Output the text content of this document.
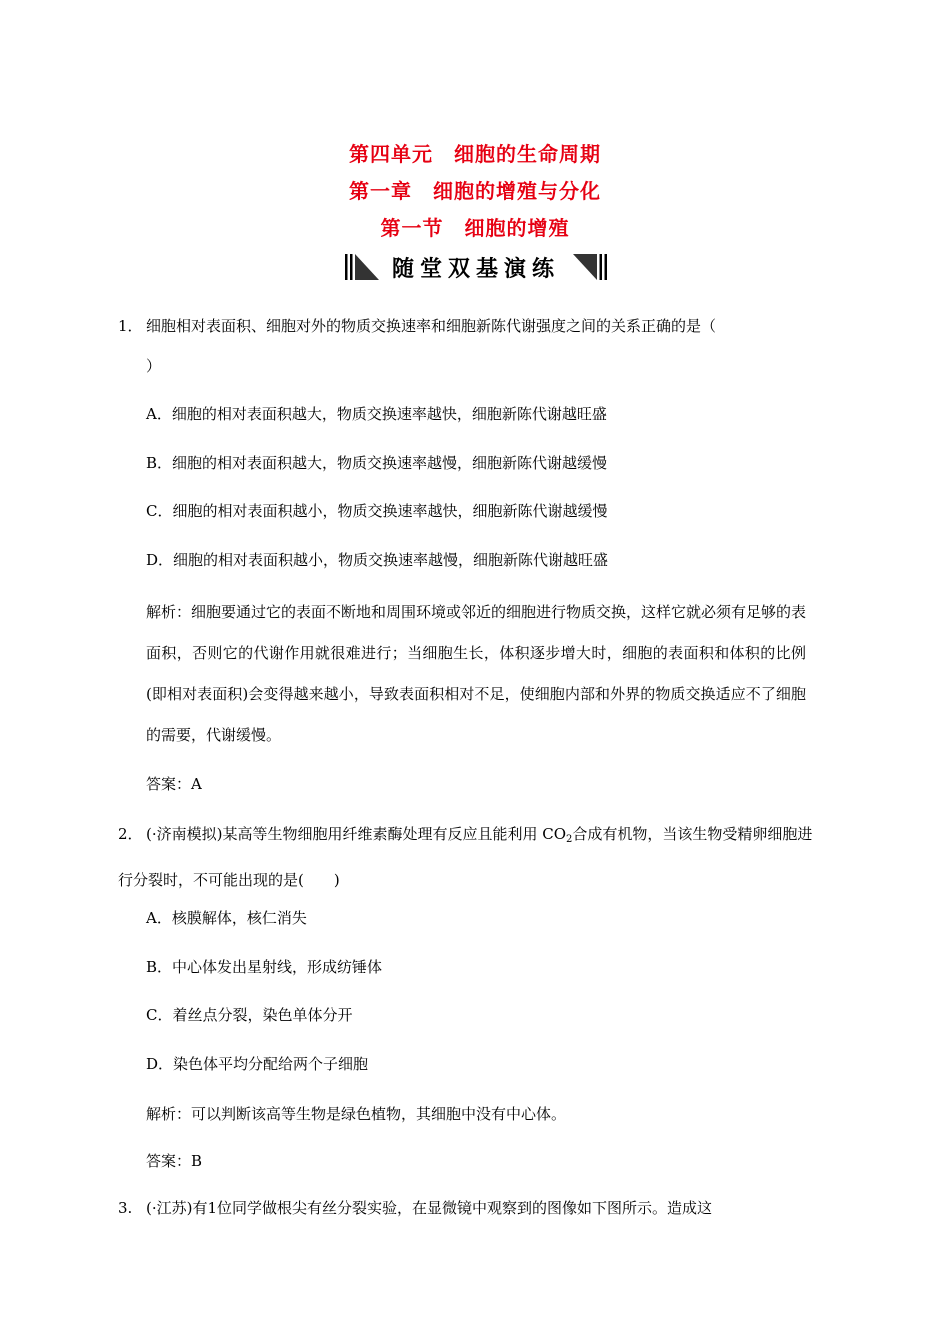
第四单元　细胞的生命周期
第一章　细胞的增殖与分化
第一节　细胞的增殖
随堂双基演练

1． 细胞相对表面积、细胞对外的物质交换速率和细胞新陈代谢强度之间的关系正确的是（

）
A．细胞的相对表面积越大，物质交换速率越快，细胞新陈代谢越旺盛
B．细胞的相对表面积越大，物质交换速率越慢，细胞新陈代谢越缓慢
C．细胞的相对表面积越小，物质交换速率越快，细胞新陈代谢越缓慢
D．细胞的相对表面积越小，物质交换速率越慢，细胞新陈代谢越旺盛
解析：细胞要通过它的表面不断地和周围环境或邻近的细胞进行物质交换，这样它就必须有足够的表面积，否则它的代谢作用就很难进行；当细胞生长，体积逐步增大时，细胞的表面积和体积的比例(即相对表面积)会变得越来越小，导致表面积相对不足，使细胞内部和外界的物质交换适应不了细胞的需要，代谢缓慢。
答案：A
2． (·济南模拟)某高等生物细胞用纤维素酶处理有反应且能利用 $CO_2$合成有机物，当该生物受精卵细胞进行分裂时，不可能出现的是(　　)
A．核膜解体，核仁消失
B．中心体发出星射线，形成纺锤体
C．着丝点分裂，染色单体分开
D．染色体平均分配给两个子细胞
解析：可以判断该高等生物是绿色植物，其细胞中没有中心体。
答案：B
3. (·江苏)有1位同学做根尖有丝分裂实验，在显微镜中观察到的图像如下图所示。造成这
